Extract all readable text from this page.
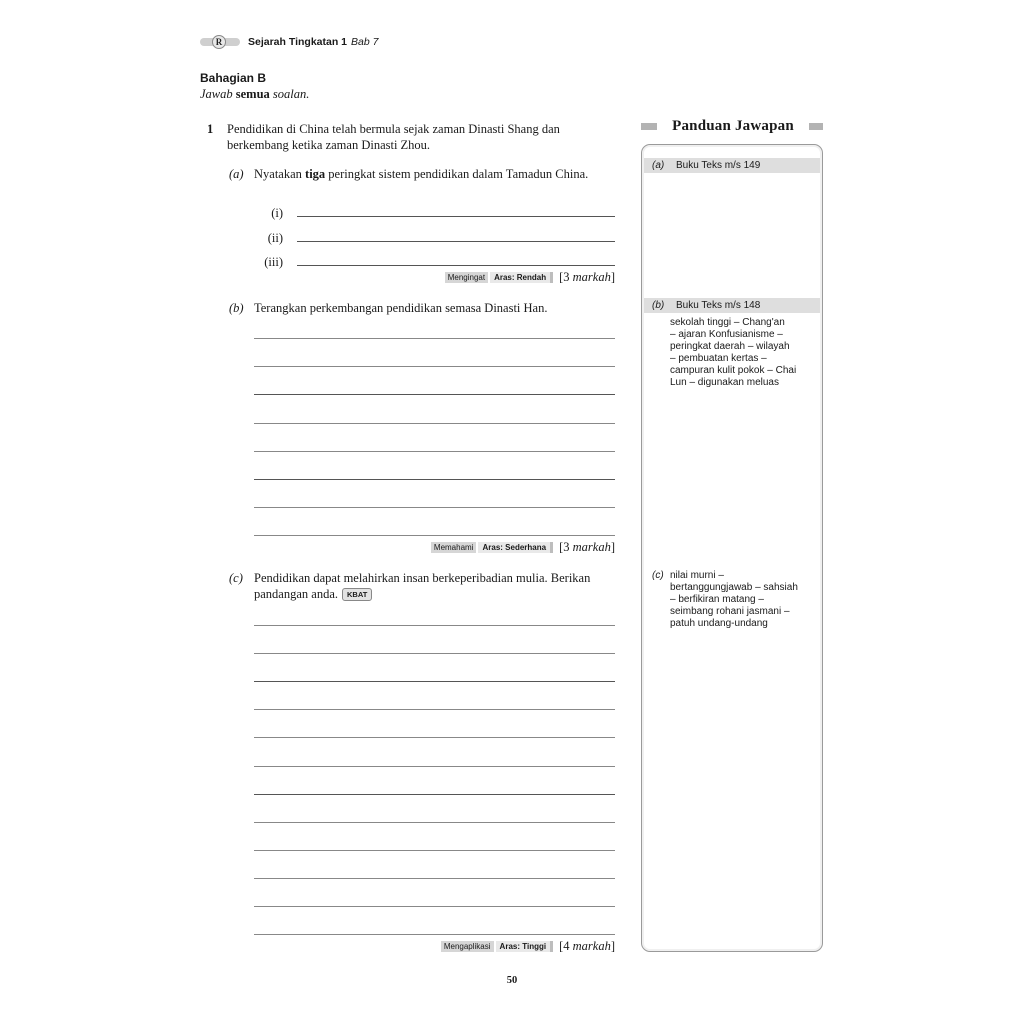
R	Sejarah Tingkatan 1 Bab 7
Bahagian B
Jawab semua soalan.
1 Pendidikan di China telah bermula sejak zaman Dinasti Shang dan berkembang ketika zaman Dinasti Zhou.
(a) Nyatakan tiga peringkat sistem pendidikan dalam Tamadun China.
(i)
(ii)
(iii)
Mengingat	Aras: Rendah	[3 markah]
(b) Terangkan perkembangan pendidikan semasa Dinasti Han.
Memahami	Aras: Sederhana	[3 markah]
(c) Pendidikan dapat melahirkan insan berkeperibadian mulia. Berikan pandangan anda. KBAT
Mengaplikasi	Aras: Tinggi	[4 markah]
Panduan Jawapan
(a) Buku Teks m/s 149
(b) Buku Teks m/s 148
sekolah tinggi – Chang'an
– ajaran Konfusianisme –
peringkat daerah – wilayah
– pembuatan kertas –
campuran kulit pokok – Chai
Lun – digunakan meluas
(c) nilai murni –
bertanggungjawab – sahsiah
– berfikiran matang –
seimbang rohani jasmani –
patuh undang-undang
50
